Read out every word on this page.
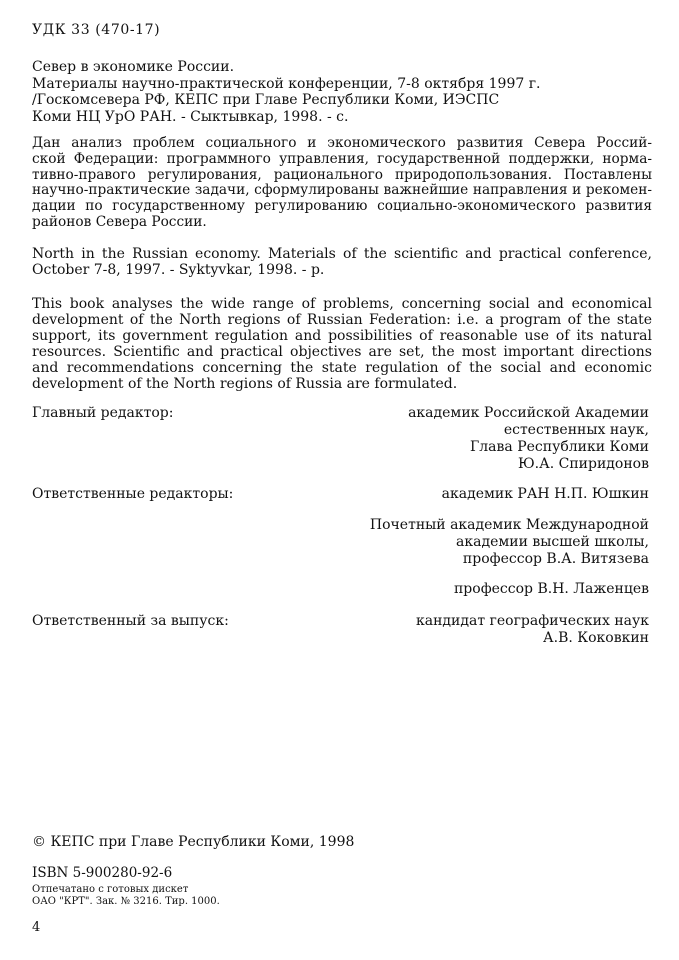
УДК 33 (470-17)
Север в экономике России.
Материалы научно-практической конференции, 7-8 октября 1997 г.
/Госкомсевера РФ, КЕПС при Главе Республики Коми, ИЭСПС
Коми НЦ УрО РАН. - Сыктывкар, 1998. - с.
Дан анализ проблем социального и экономического развития Севера Россий-
ской Федерации: программного управления, государственной поддержки, норма-
тивно-правого регулирования, рационального природопользования. Поставлены
научно-практические задачи, сформулированы важнейшие направления и рекомен-
дации по государственному регулированию социально-экономического развития
районов Севера России.
North in the Russian economy. Materials of the scientific and practical conference,
October 7-8, 1997. - Syktyvkar, 1998. - p.
This book analyses the wide range of problems, concerning social and economical
development of the North regions of Russian Federation: i.e. a program of the state
support, its government regulation and possibilities of reasonable use of its natural
resources. Scientific and practical objectives are set, the most important directions
and recommendations concerning the state regulation of the social and economic
development of the North regions of Russia are formulated.
Главный редактор:	академик Российской Академии
естественных наук,
Глава Республики Коми
Ю.А. Спиридонов
Ответственные редакторы:	академик РАН Н.П. Юшкин
Почетный академик Международной
академии высшей школы,
профессор В.А. Витязева
профессор В.Н. Лаженцев
Ответственный за выпуск:	кандидат географических наук
А.В. Коковкин
© КЕПС при Главе Республики Коми, 1998
ISBN 5-900280-92-6
Отпечатано с готовых дискет
ОАО "КРТ". Зак. № 3216. Тир. 1000.
4
